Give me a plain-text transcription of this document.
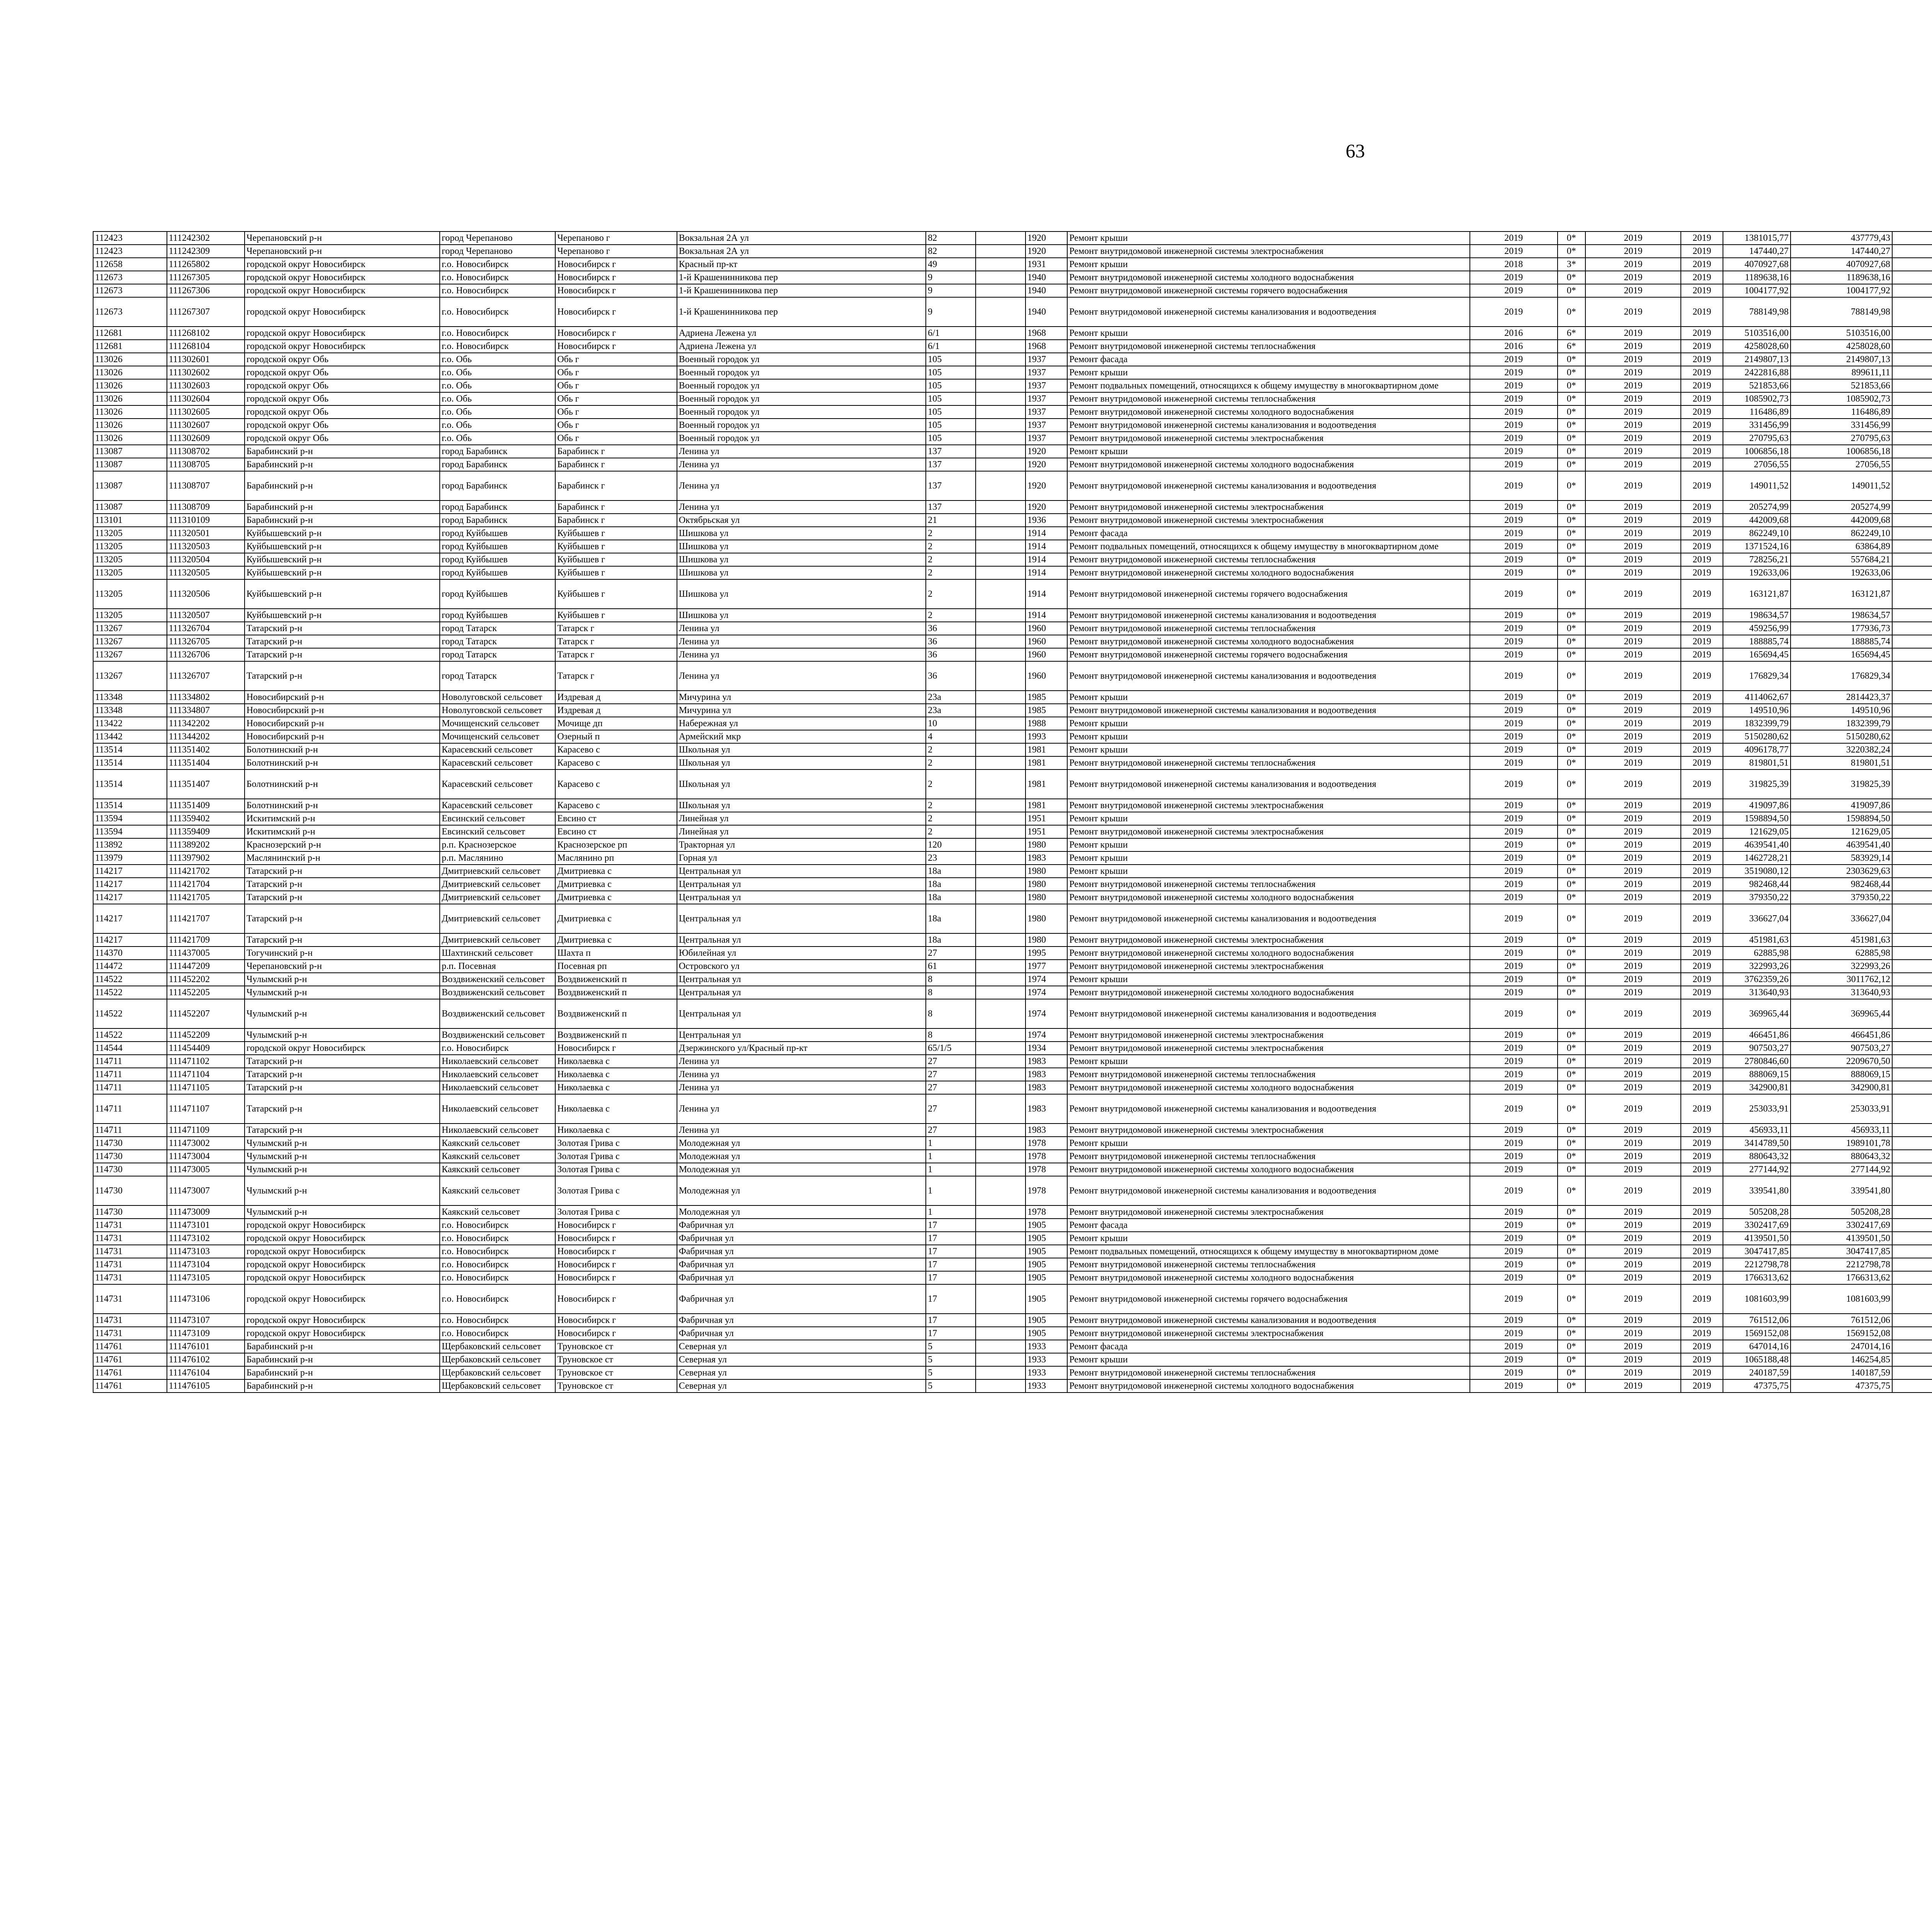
63
112423	111242302	Черепановский р-н	город Черепаново	Черепаново г	Вокзальная 2А ул	82		1920	Ремонт крыши	2019	0*	2019	2019	1381015,77	437779,43						
112423	111242309	Черепановский р-н	город Черепаново	Черепаново г	Вокзальная 2А ул	82		1920	Ремонт внутридомовой инженерной системы электроснабжения	2019	0*	2019	2019	147440,27	147440,27						
112658	111265802	городской округ Новосибирск	г.о. Новосибирск	Новосибирск г	Красный пр-кт	49		1931	Ремонт крыши	2018	3*	2019	2019	4070927,68	4070927,68						
112673	111267305	городской округ Новосибирск	г.о. Новосибирск	Новосибирск г	1-й Крашенинникова пер	9		1940	Ремонт внутридомовой инженерной системы холодного водоснабжения	2019	0*	2019	2019	1189638,16	1189638,16						
112673	111267306	городской округ Новосибирск	г.о. Новосибирск	Новосибирск г	1-й Крашенинникова пер	9		1940	Ремонт внутридомовой инженерной системы горячего водоснабжения	2019	0*	2019	2019	1004177,92	1004177,92						
112673	111267307	городской округ Новосибирск	г.о. Новосибирск	Новосибирск г	1-й Крашенинникова пер	9		1940	Ремонт внутридомовой инженерной системы канализования и водоотведения	2019	0*	2019	2019	788149,98	788149,98						
112681	111268102	городской округ Новосибирск	г.о. Новосибирск	Новосибирск г	Адриена Лежена ул	6/1		1968	Ремонт крыши	2016	6*	2019	2019	5103516,00	5103516,00						
112681	111268104	городской округ Новосибирск	г.о. Новосибирск	Новосибирск г	Адриена Лежена ул	6/1		1968	Ремонт внутридомовой инженерной системы теплоснабжения	2016	6*	2019	2019	4258028,60	4258028,60						
113026	111302601	городской округ Обь	г.о. Обь	Обь г	Военный городок ул	105		1937	Ремонт фасада	2019	0*	2019	2019	2149807,13	2149807,13						
113026	111302602	городской округ Обь	г.о. Обь	Обь г	Военный городок ул	105		1937	Ремонт крыши	2019	0*	2019	2019	2422816,88	899611,11						
113026	111302603	городской округ Обь	г.о. Обь	Обь г	Военный городок ул	105		1937	Ремонт подвальных помещений, относящихся к общему имуществу в многоквартирном доме	2019	0*	2019	2019	521853,66	521853,66						
113026	111302604	городской округ Обь	г.о. Обь	Обь г	Военный городок ул	105		1937	Ремонт внутридомовой инженерной системы теплоснабжения	2019	0*	2019	2019	1085902,73	1085902,73						
113026	111302605	городской округ Обь	г.о. Обь	Обь г	Военный городок ул	105		1937	Ремонт внутридомовой инженерной системы холодного водоснабжения	2019	0*	2019	2019	116486,89	116486,89						
113026	111302607	городской округ Обь	г.о. Обь	Обь г	Военный городок ул	105		1937	Ремонт внутридомовой инженерной системы канализования и водоотведения	2019	0*	2019	2019	331456,99	331456,99						
113026	111302609	городской округ Обь	г.о. Обь	Обь г	Военный городок ул	105		1937	Ремонт внутридомовой инженерной системы электроснабжения	2019	0*	2019	2019	270795,63	270795,63						
113087	111308702	Барабинский р-н	город Барабинск	Барабинск г	Ленина ул	137		1920	Ремонт крыши	2019	0*	2019	2019	1006856,18	1006856,18						
113087	111308705	Барабинский р-н	город Барабинск	Барабинск г	Ленина ул	137		1920	Ремонт внутридомовой инженерной системы холодного водоснабжения	2019	0*	2019	2019	27056,55	27056,55						
113087	111308707	Барабинский р-н	город Барабинск	Барабинск г	Ленина ул	137		1920	Ремонт внутридомовой инженерной системы канализования и водоотведения	2019	0*	2019	2019	149011,52	149011,52						
113087	111308709	Барабинский р-н	город Барабинск	Барабинск г	Ленина ул	137		1920	Ремонт внутридомовой инженерной системы электроснабжения	2019	0*	2019	2019	205274,99	205274,99						
113101	111310109	Барабинский р-н	город Барабинск	Барабинск г	Октябрьская ул	21		1936	Ремонт внутридомовой инженерной системы электроснабжения	2019	0*	2019	2019	442009,68	442009,68						
113205	111320501	Куйбышевский р-н	город Куйбышев	Куйбышев г	Шишкова ул	2		1914	Ремонт фасада	2019	0*	2019	2019	862249,10	862249,10						
113205	111320503	Куйбышевский р-н	город Куйбышев	Куйбышев г	Шишкова ул	2		1914	Ремонт подвальных помещений, относящихся к общему имуществу в многоквартирном доме	2019	0*	2019	2019	1371524,16	63864,89						
113205	111320504	Куйбышевский р-н	город Куйбышев	Куйбышев г	Шишкова ул	2		1914	Ремонт внутридомовой инженерной системы теплоснабжения	2019	0*	2019	2019	728256,21	557684,21						
113205	111320505	Куйбышевский р-н	город Куйбышев	Куйбышев г	Шишкова ул	2		1914	Ремонт внутридомовой инженерной системы холодного водоснабжения	2019	0*	2019	2019	192633,06	192633,06						
113205	111320506	Куйбышевский р-н	город Куйбышев	Куйбышев г	Шишкова ул	2		1914	Ремонт внутридомовой инженерной системы горячего водоснабжения	2019	0*	2019	2019	163121,87	163121,87						
113205	111320507	Куйбышевский р-н	город Куйбышев	Куйбышев г	Шишкова ул	2		1914	Ремонт внутридомовой инженерной системы канализования и водоотведения	2019	0*	2019	2019	198634,57	198634,57						
113267	111326704	Татарский р-н	город Татарск	Татарск г	Ленина ул	36		1960	Ремонт внутридомовой инженерной системы теплоснабжения	2019	0*	2019	2019	459256,99	177936,73						
113267	111326705	Татарский р-н	город Татарск	Татарск г	Ленина ул	36		1960	Ремонт внутридомовой инженерной системы холодного водоснабжения	2019	0*	2019	2019	188885,74	188885,74						
113267	111326706	Татарский р-н	город Татарск	Татарск г	Ленина ул	36		1960	Ремонт внутридомовой инженерной системы горячего водоснабжения	2019	0*	2019	2019	165694,45	165694,45						
113267	111326707	Татарский р-н	город Татарск	Татарск г	Ленина ул	36		1960	Ремонт внутридомовой инженерной системы канализования и водоотведения	2019	0*	2019	2019	176829,34	176829,34						
113348	111334802	Новосибирский р-н	Новолуговской сельсовет	Издревая д	Мичурина ул	23а		1985	Ремонт крыши	2019	0*	2019	2019	4114062,67	2814423,37						
113348	111334807	Новосибирский р-н	Новолуговской сельсовет	Издревая д	Мичурина ул	23а		1985	Ремонт внутридомовой инженерной системы канализования и водоотведения	2019	0*	2019	2019	149510,96	149510,96						
113422	111342202	Новосибирский р-н	Мочищенский сельсовет	Мочище дп	Набережная ул	10		1988	Ремонт крыши	2019	0*	2019	2019	1832399,79	1832399,79						
113442	111344202	Новосибирский р-н	Мочищенский сельсовет	Озерный п	Армейский мкр	4		1993	Ремонт крыши	2019	0*	2019	2019	5150280,62	5150280,62						
113514	111351402	Болотнинский р-н	Карасевский сельсовет	Карасево с	Школьная ул	2		1981	Ремонт крыши	2019	0*	2019	2019	4096178,77	3220382,24						
113514	111351404	Болотнинский р-н	Карасевский сельсовет	Карасево с	Школьная ул	2		1981	Ремонт внутридомовой инженерной системы теплоснабжения	2019	0*	2019	2019	819801,51	819801,51						
113514	111351407	Болотнинский р-н	Карасевский сельсовет	Карасево с	Школьная ул	2		1981	Ремонт внутридомовой инженерной системы канализования и водоотведения	2019	0*	2019	2019	319825,39	319825,39						
113514	111351409	Болотнинский р-н	Карасевский сельсовет	Карасево с	Школьная ул	2		1981	Ремонт внутридомовой инженерной системы электроснабжения	2019	0*	2019	2019	419097,86	419097,86						
113594	111359402	Искитимский р-н	Евсинский сельсовет	Евсино ст	Линейная ул	2		1951	Ремонт крыши	2019	0*	2019	2019	1598894,50	1598894,50						
113594	111359409	Искитимский р-н	Евсинский сельсовет	Евсино ст	Линейная ул	2		1951	Ремонт внутридомовой инженерной системы электроснабжения	2019	0*	2019	2019	121629,05	121629,05						
113892	111389202	Краснозерский р-н	р.п. Краснозерское	Краснозерское рп	Тракторная ул	120		1980	Ремонт крыши	2019	0*	2019	2019	4639541,40	4639541,40						
113979	111397902	Маслянинский р-н	р.п. Маслянино	Маслянино рп	Горная ул	23		1983	Ремонт крыши	2019	0*	2019	2019	1462728,21	583929,14						
114217	111421702	Татарский р-н	Дмитриевский сельсовет	Дмитриевка с	Центральная ул	18а		1980	Ремонт крыши	2019	0*	2019	2019	3519080,12	2303629,63						
114217	111421704	Татарский р-н	Дмитриевский сельсовет	Дмитриевка с	Центральная ул	18а		1980	Ремонт внутридомовой инженерной системы теплоснабжения	2019	0*	2019	2019	982468,44	982468,44						
114217	111421705	Татарский р-н	Дмитриевский сельсовет	Дмитриевка с	Центральная ул	18а		1980	Ремонт внутридомовой инженерной системы холодного водоснабжения	2019	0*	2019	2019	379350,22	379350,22						
114217	111421707	Татарский р-н	Дмитриевский сельсовет	Дмитриевка с	Центральная ул	18а		1980	Ремонт внутридомовой инженерной системы канализования и водоотведения	2019	0*	2019	2019	336627,04	336627,04						
114217	111421709	Татарский р-н	Дмитриевский сельсовет	Дмитриевка с	Центральная ул	18а		1980	Ремонт внутридомовой инженерной системы электроснабжения	2019	0*	2019	2019	451981,63	451981,63						
114370	111437005	Тогучинский р-н	Шахтинский сельсовет	Шахта п	Юбилейная ул	27		1995	Ремонт внутридомовой инженерной системы холодного водоснабжения	2019	0*	2019	2019	62885,98	62885,98						
114472	111447209	Черепановский р-н	р.п. Посевная	Посевная рп	Островского ул	61		1977	Ремонт внутридомовой инженерной системы электроснабжения	2019	0*	2019	2019	322993,26	322993,26						
114522	111452202	Чулымский р-н	Воздвиженский сельсовет	Воздвиженский п	Центральная ул	8		1974	Ремонт крыши	2019	0*	2019	2019	3762359,26	3011762,12						
114522	111452205	Чулымский р-н	Воздвиженский сельсовет	Воздвиженский п	Центральная ул	8		1974	Ремонт внутридомовой инженерной системы холодного водоснабжения	2019	0*	2019	2019	313640,93	313640,93						
114522	111452207	Чулымский р-н	Воздвиженский сельсовет	Воздвиженский п	Центральная ул	8		1974	Ремонт внутридомовой инженерной системы канализования и водоотведения	2019	0*	2019	2019	369965,44	369965,44						
114522	111452209	Чулымский р-н	Воздвиженский сельсовет	Воздвиженский п	Центральная ул	8		1974	Ремонт внутридомовой инженерной системы электроснабжения	2019	0*	2019	2019	466451,86	466451,86						
114544	111454409	городской округ Новосибирск	г.о. Новосибирск	Новосибирск г	Дзержинского ул/Красный пр-кт	65/1/5		1934	Ремонт внутридомовой инженерной системы электроснабжения	2019	0*	2019	2019	907503,27	907503,27						
114711	111471102	Татарский р-н	Николаевский сельсовет	Николаевка с	Ленина ул	27		1983	Ремонт крыши	2019	0*	2019	2019	2780846,60	2209670,50						
114711	111471104	Татарский р-н	Николаевский сельсовет	Николаевка с	Ленина ул	27		1983	Ремонт внутридомовой инженерной системы теплоснабжения	2019	0*	2019	2019	888069,15	888069,15						
114711	111471105	Татарский р-н	Николаевский сельсовет	Николаевка с	Ленина ул	27		1983	Ремонт внутридомовой инженерной системы холодного водоснабжения	2019	0*	2019	2019	342900,81	342900,81						
114711	111471107	Татарский р-н	Николаевский сельсовет	Николаевка с	Ленина ул	27		1983	Ремонт внутридомовой инженерной системы канализования и водоотведения	2019	0*	2019	2019	253033,91	253033,91						
114711	111471109	Татарский р-н	Николаевский сельсовет	Николаевка с	Ленина ул	27		1983	Ремонт внутридомовой инженерной системы электроснабжения	2019	0*	2019	2019	456933,11	456933,11						
114730	111473002	Чулымский р-н	Каякский сельсовет	Золотая Грива с	Молодежная ул	1		1978	Ремонт крыши	2019	0*	2019	2019	3414789,50	1989101,78						
114730	111473004	Чулымский р-н	Каякский сельсовет	Золотая Грива с	Молодежная ул	1		1978	Ремонт внутридомовой инженерной системы теплоснабжения	2019	0*	2019	2019	880643,32	880643,32						
114730	111473005	Чулымский р-н	Каякский сельсовет	Золотая Грива с	Молодежная ул	1		1978	Ремонт внутридомовой инженерной системы холодного водоснабжения	2019	0*	2019	2019	277144,92	277144,92						
114730	111473007	Чулымский р-н	Каякский сельсовет	Золотая Грива с	Молодежная ул	1		1978	Ремонт внутридомовой инженерной системы канализования и водоотведения	2019	0*	2019	2019	339541,80	339541,80						
114730	111473009	Чулымский р-н	Каякский сельсовет	Золотая Грива с	Молодежная ул	1		1978	Ремонт внутридомовой инженерной системы электроснабжения	2019	0*	2019	2019	505208,28	505208,28						
114731	111473101	городской округ Новосибирск	г.о. Новосибирск	Новосибирск г	Фабричная ул	17		1905	Ремонт фасада	2019	0*	2019	2019	3302417,69	3302417,69						
114731	111473102	городской округ Новосибирск	г.о. Новосибирск	Новосибирск г	Фабричная ул	17		1905	Ремонт крыши	2019	0*	2019	2019	4139501,50	4139501,50						
114731	111473103	городской округ Новосибирск	г.о. Новосибирск	Новосибирск г	Фабричная ул	17		1905	Ремонт подвальных помещений, относящихся к общему имуществу в многоквартирном доме	2019	0*	2019	2019	3047417,85	3047417,85						
114731	111473104	городской округ Новосибирск	г.о. Новосибирск	Новосибирск г	Фабричная ул	17		1905	Ремонт внутридомовой инженерной системы теплоснабжения	2019	0*	2019	2019	2212798,78	2212798,78						
114731	111473105	городской округ Новосибирск	г.о. Новосибирск	Новосибирск г	Фабричная ул	17		1905	Ремонт внутридомовой инженерной системы холодного водоснабжения	2019	0*	2019	2019	1766313,62	1766313,62						
114731	111473106	городской округ Новосибирск	г.о. Новосибирск	Новосибирск г	Фабричная ул	17		1905	Ремонт внутридомовой инженерной системы горячего водоснабжения	2019	0*	2019	2019	1081603,99	1081603,99						
114731	111473107	городской округ Новосибирск	г.о. Новосибирск	Новосибирск г	Фабричная ул	17		1905	Ремонт внутридомовой инженерной системы канализования и водоотведения	2019	0*	2019	2019	761512,06	761512,06						
114731	111473109	городской округ Новосибирск	г.о. Новосибирск	Новосибирск г	Фабричная ул	17		1905	Ремонт внутридомовой инженерной системы электроснабжения	2019	0*	2019	2019	1569152,08	1569152,08						
114761	111476101	Барабинский р-н	Щербаковский сельсовет	Труновское ст	Северная ул	5		1933	Ремонт фасада	2019	0*	2019	2019	647014,16	247014,16						
114761	111476102	Барабинский р-н	Щербаковский сельсовет	Труновское ст	Северная ул	5		1933	Ремонт крыши	2019	0*	2019	2019	1065188,48	146254,85						
114761	111476104	Барабинский р-н	Щербаковский сельсовет	Труновское ст	Северная ул	5		1933	Ремонт внутридомовой инженерной системы теплоснабжения	2019	0*	2019	2019	240187,59	140187,59						
114761	111476105	Барабинский р-н	Щербаковский сельсовет	Труновское ст	Северная ул	5		1933	Ремонт внутридомовой инженерной системы холодного водоснабжения	2019	0*	2019	2019	47375,75	47375,75						
